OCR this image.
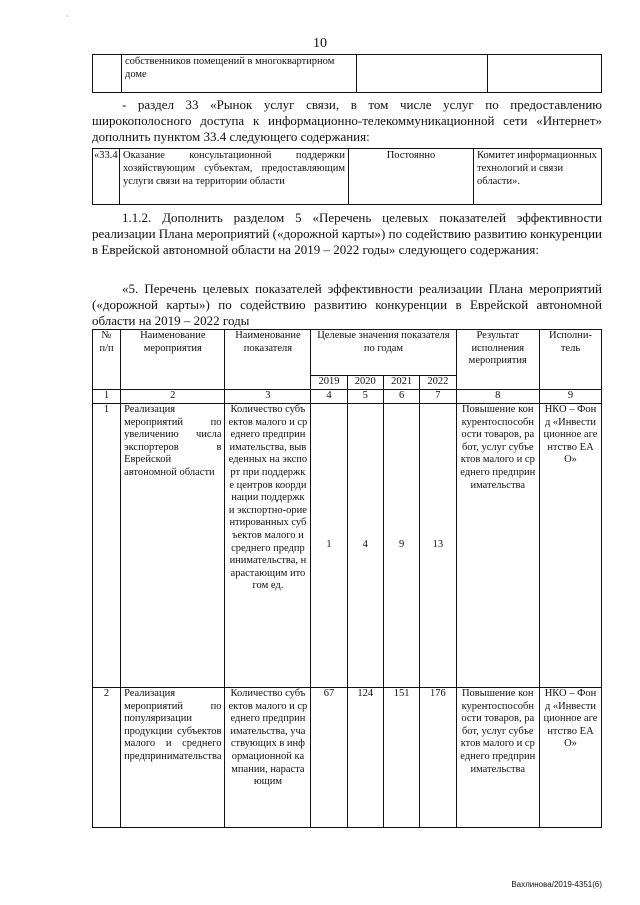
·
10
	собственников помещений в многоквартирном доме		
- раздел 33 «Рынок услуг связи, в том числе услуг по предоставлению широкополосного доступа к информационно-телекоммуникационной сети «Интернет» дополнить пунктом 33.4 следующего содержания:
«33.4	Оказание консультационной поддержки хозяйствующим субъектам, предоставляющим услуги связи на территории области	Постоянно	Комитет информационных технологий и связи области».
1.1.2. Дополнить разделом 5 «Перечень целевых показателей эффективности реализации Плана мероприятий («дорожной карты») по содействию развитию конкуренции в Еврейской автономной области на 2019 – 2022 годы» следующего содержания:
«5. Перечень целевых показателей эффективности реализации Плана мероприятий («дорожной карты») по содействию развитию конкуренции в Еврейской автономной области на 2019 – 2022 годы
№ п/п	Наименование мероприятия	Наименование показателя	Целевые значения показателя по годам				Результат исполнения мероприятия	Исполни-тель
			2019	2020	2021	2022		
1	2	3	4	5	6	7	8	9
1	Реализация мероприятий по увеличению числа экспортеров в Еврейской автономной области	Количество субъектов малого и среднего предпринимательства, выведенных на экспорт при поддержке центров координации поддержки экспортно-ориентированных субъектов малого и среднего предпринимательства, нарастающим итогом ед.	1	4	9	13	Повышение конкурентоспособности товаров, работ, услуг субъектов малого и среднего предпринимательства	НКО – Фонд «Инвестиционное агентство ЕАО»
2	Реализация мероприятий по популяризации продукции субъектов малого и среднего предпринимательства	Количество субъектов малого и среднего предпринимательства, участвующих в информационной кампании, нарастающим	67	124	151	176	Повышение конкурентоспособности товаров, работ, услуг субъектов малого и среднего предпринимательства	НКО – Фонд «Инвестиционное агентство ЕАО»
Вахлинова/2019-4351(6)
